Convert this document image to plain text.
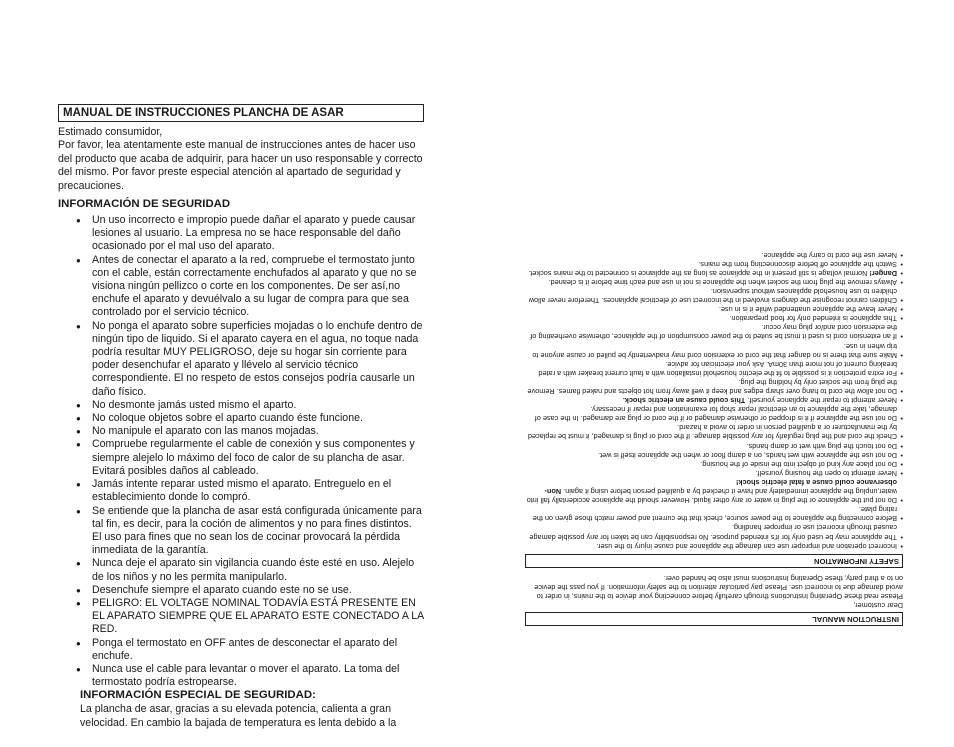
MANUAL DE INSTRUCCIONES PLANCHA DE ASAR
Estimado consumidor,
Por favor, lea atentamente este manual de instrucciones antes de hacer uso del producto que acaba de adquirir, para hacer un uso responsable y correcto del mismo. Por favor preste especial atención al apartado de seguridad y precauciones.
INFORMACIÓN DE SEGURIDAD
● Un uso incorrecto e impropio puede dañar el aparato y puede causar lesiones al usuario. La empresa no se hace responsable del daño ocasionado por el mal uso del aparato.
● Antes de conectar el aparato a la red, compruebe el termostato junto con el cable, están correctamente enchufados al aparato y que no se visiona ningún pellizco o corte en los componentes. De ser así,no enchufe el aparato y devuélvalo a su lugar de compra para que sea controlado por el servicio técnico.
● No ponga el aparato sobre superficies mojadas o lo enchufe dentro de ningún tipo de liquido. Si el aparato cayera en el agua, no toque nada podría resultar MUY PELIGROSO, deje su hogar sin corriente para poder desenchufar el aparato y llévelo al servicio técnico correspondiente. El no respeto de estos consejos podría causarle un daño físico.
● No desmonte jamás usted mismo el aparto.
● No coloque objetos sobre el aparto cuando éste funcione.
● No manipule el aparato con las manos mojadas.
● Compruebe regularmente el cable de conexión y sus componentes y siempre alejelo lo máximo del foco de calor de su plancha de asar. Evitará posibles daños al cableado.
● Jamás intente reparar usted mismo el aparato. Entreguelo en el establecimiento donde lo compró.
● Se entiende que la plancha de asar está configurada únicamente para tal fin, es decir, para la coción de alimentos y no para fines distintos. El uso para fines que no sean los de cocinar provocará la pérdida inmediata de la garantía.
● Nunca deje el aparato sin vigilancia cuando éste esté en uso. Alejelo de los niños y no les permita manipularlo.
● Desenchufe siempre el aparato cuando este no se use.
● PELIGRO: EL VOLTAGE NOMINAL TODAVÍA ESTÁ PRESENTE EN EL APARATO SIEMPRE QUE EL APARATO ESTE CONECTADO A LA RED.
● Ponga el termostato en OFF antes de desconectar el aparato del enchufe.
● Nunca use el cable para levantar o mover el aparato. La toma del termostato podría estropearse.
INFORMACIÓN ESPECIAL DE SEGURIDAD:
La plancha de asar, gracias a su elevada potencia, calienta a gran velocidad. En cambio la bajada de temperatura es lenta debido a la
INSTRUCTION MANUAL
Dear customer,
Please read these Operating Instructions through carefully before connecting your device to the mains, in order to avoid damage due to incorrect use. Please pay particular attention to the safety information. If you pass the device on to a third party, these Operating Instructions must also be handed over.
SAFETY INFORMATION
• Incorrect operation and improper use can damage the appliance and cause injury to the user.
• The appliance may be used only for it's intended purpose. No responsibility can be taken for any possible damage caused through incorrect use or improper handling.
• Before connecting the appliance to the power source, check that the current and power match those given on the rating plate.
• Do not put the appliance or the plug in water or any other liquid. However should the appliance accidentally fall into water,unplug the appliance immediately and have it checked by a qualified person before using it again. Non-observance could cause a fatal electric shock!
• Never attempt to open the housing yourself.
• Do not place any kind of object into the inside of the housing.
• Do not use the appliance with wet hands, on a damp floor or when the appliance itself is wet.
• Do not touch the plug with wet or damp hands.
• Check the cord and the plug regularly for any possible damage. If the cord or plug is damaged, it must be replaced by the manufacturer or a qualified person in order to avoid a hazard.
• Do not use the appliance if it is dropped or otherwise damaged or if the cord or plug are damaged. In the case of damage, take the appliance to an electrical repair shop for examination and repair if necessary.
• Never attempt to repair the appliance yourself. This could cause an electric shock.
• Do not allow the cord to hang over sharp edges and keep it well away from hot objects and naked flames. Remove the plug from the socket only by holding the plug.
• For extra protection it is possible to fit the electric household installation with a fault current breaker with a rated breaking current of not more than 30mA. Ask your electrician for advice.
• Make sure that there is no danger that the cord or extension cord may inadvertently be pulled or cause anyone to trip when in use.
• If an extension cord is used it must be suited to the power consumption of the appliance, otherwise overheating of the extension cord and/or plug may occur.
• This appliance is intended only for food preparation.
• Never leave the appliance unattended while it is in use.
• Children cannot recognise the dangers involved in the incorrect use of electrical appliances. Therefore never allow children to use household appliances without supervision.
• Always remove the plug from the socket when the appliance is not in use and each time before it is cleaned.
• Danger! Normal voltage is still present in the appliance as long as the appliance is connected to the mains socket.
• Switch the appliance off before disconnecting from the mains.
• Never use the cord to carry the appliance.
